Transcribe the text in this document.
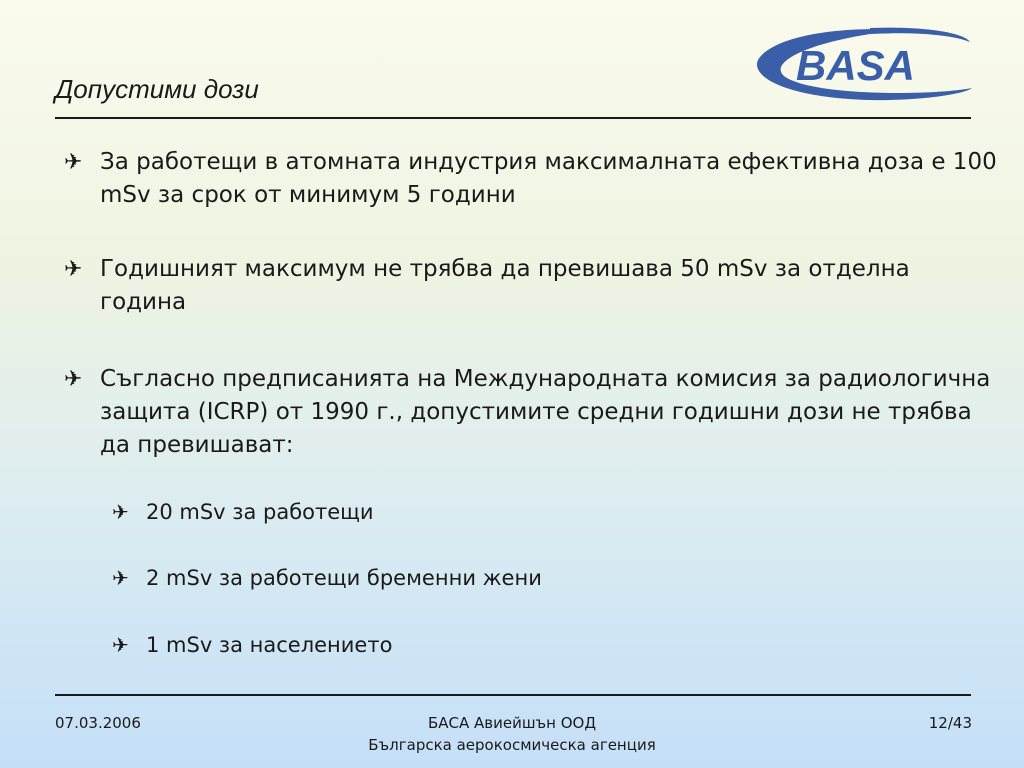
BASA
Допустими дози
✈ За работещи в атомната индустрия максималната ефективна доза е 100 mSv за срок от минимум 5 години
✈ Годишният максимум не трябва да превишава 50 mSv за отделна година
✈ Съгласно предписанията на Международната комисия за радиологична защита (ICRP) от 1990 г., допустимите средни годишни дози не трябва да превишават:
✈ 20 mSv за работещи
✈ 2 mSv за работещи бременни жени
✈ 1 mSv за населението
07.03.2006	БАСА Авиейшън ООД
Българска аерокосмическа агенция
12/43
